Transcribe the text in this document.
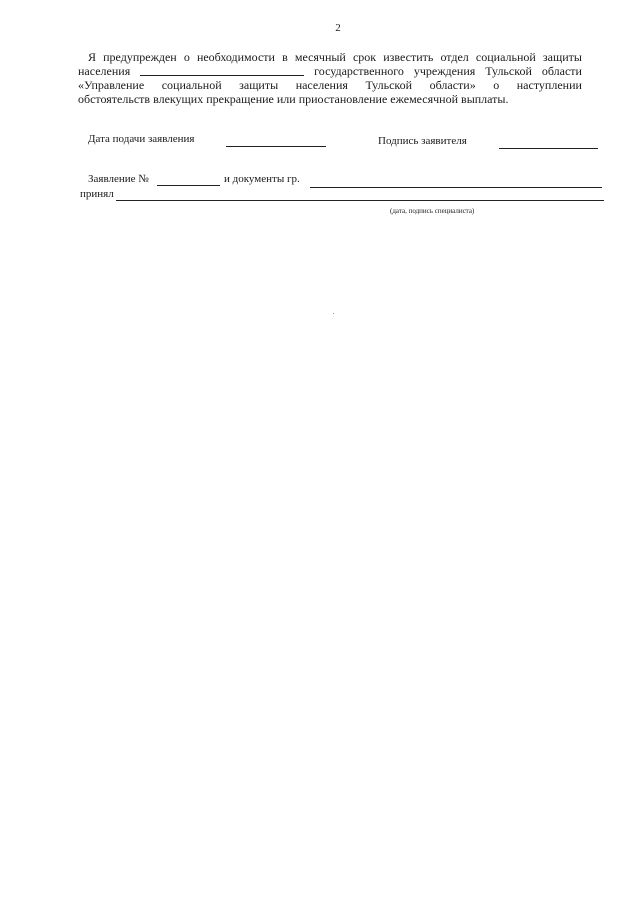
2
Я предупрежден о необходимости в месячный срок известить отдел социальной защиты
населения	государственного учреждения Тульской области
«Управление социальной защиты населения Тульской области» о наступлении
обстоятельств влекущих прекращение или приостановление ежемесячной выплаты.
Дата подачи заявления	Подпись заявителя
Заявление №	и документы гр.
принял
(дата, подпись специалиста)
